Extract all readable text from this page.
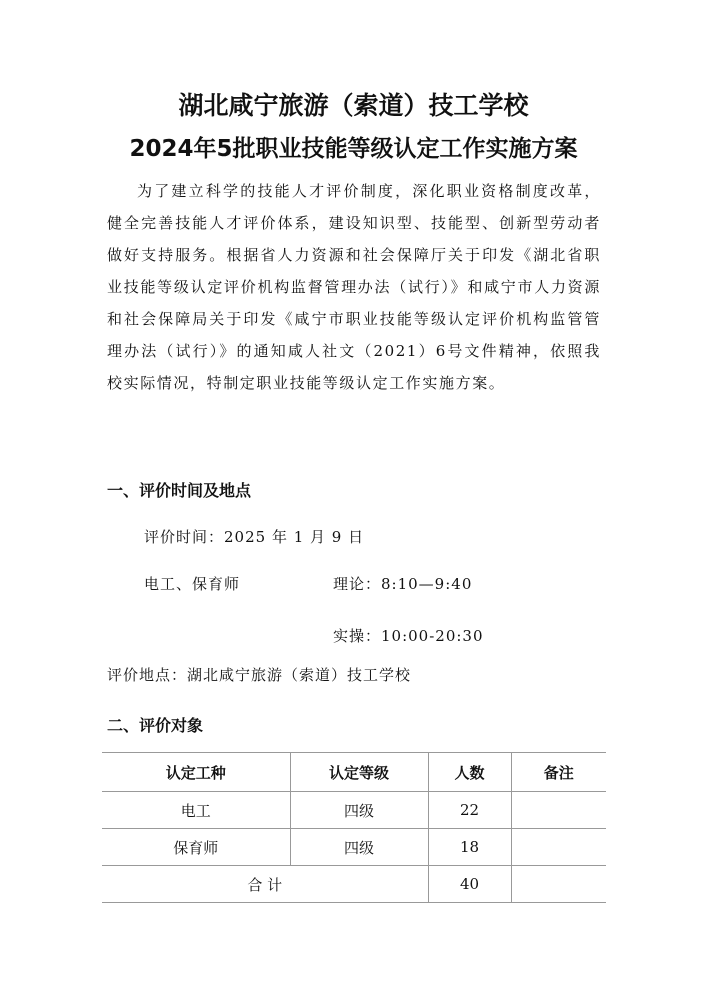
湖北咸宁旅游（索道）技工学校
2024年5批职业技能等级认定工作实施方案

为了建立科学的技能人才评价制度，深化职业资格制度改革，健全完善技能人才评价体系，建设知识型、技能型、创新型劳动者做好支持服务。根据省人力资源和社会保障厅关于印发《湖北省职业技能等级认定评价机构监督管理办法（试行）》和咸宁市人力资源和社会保障局关于印发《咸宁市职业技能等级认定评价机构监管管理办法（试行）》的通知咸人社文（2021）6号文件精神，依照我校实际情况，特制定职业技能等级认定工作实施方案。

一、评价时间及地点
评价时间：2025 年 1 月 9 日
电工、保育师	理论：8:10—9:40
实操：10:00-20:30
评价地点：湖北咸宁旅游（索道）技工学校
二、评价对象
认定工种	认定等级	人数	备注
电工	四级	22	
保育师	四级	18	
合 计		40	
